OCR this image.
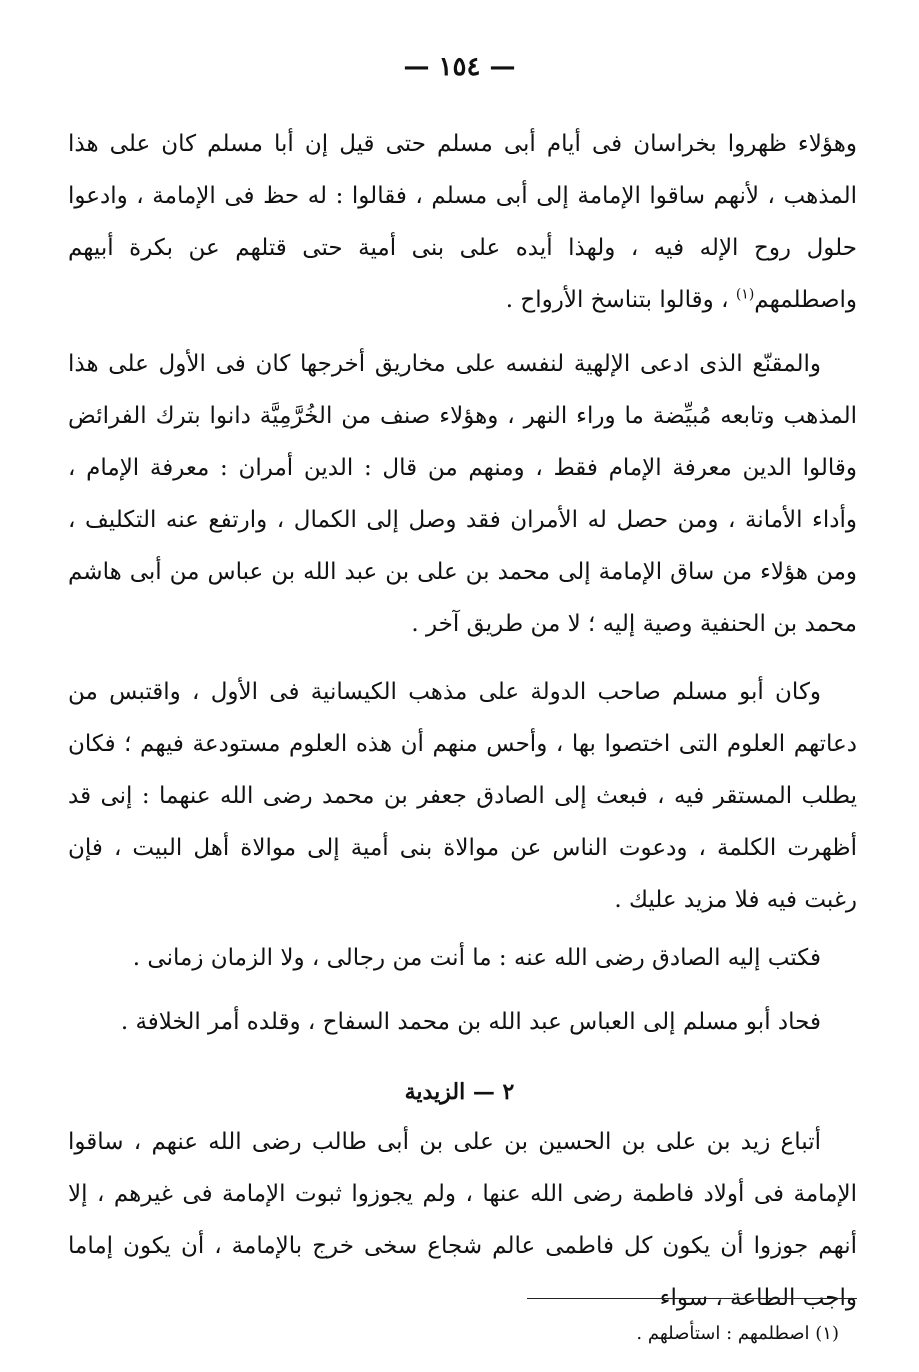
— ١٥٤ —

وهؤلاء ظهروا بخراسان فى أيام أبى مسلم حتى قيل إن أبا مسلم كان على هذا المذهب ، لأنهم ساقوا الإمامة إلى أبى مسلم ، فقالوا : له حظ فى الإمامة ، وادعوا حلول روح الإله فيه ، ولهذا أيده على بنى أمية حتى قتلهم عن بكرة أبيهم واصطلمهم$^{(١)}$ ، وقالوا بتناسخ الأرواح .

والمقنّع الذى ادعى الإلهية لنفسه على مخاريق أخرجها كان فى الأول على هذا المذهب وتابعه مُبيِّضة ما وراء النهر ، وهؤلاء صنف من الخُرَّمِيَّة دانوا بترك الفرائض وقالوا الدين معرفة الإمام فقط ، ومنهم من قال : الدين أمران : معرفة الإمام ، وأداء الأمانة ، ومن حصل له الأمران فقد وصل إلى الكمال ، وارتفع عنه التكليف ، ومن هؤلاء من ساق الإمامة إلى محمد بن على بن عبد الله بن عباس من أبى هاشم محمد بن الحنفية وصية إليه ؛ لا من طريق آخر .

وكان أبو مسلم صاحب الدولة على مذهب الكيسانية فى الأول ، واقتبس من دعاتهم العلوم التى اختصوا بها ، وأحس منهم أن هذه العلوم مستودعة فيهم ؛ فكان يطلب المستقر فيه ، فبعث إلى الصادق جعفر بن محمد رضى الله عنهما : إنى قد أظهرت الكلمة ، ودعوت الناس عن موالاة بنى أمية إلى موالاة أهل البيت ، فإن رغبت فيه فلا مزيد عليك .

فكتب إليه الصادق رضى الله عنه : ما أنت من رجالى ، ولا الزمان زمانى .

فحاد أبو مسلم إلى العباس عبد الله بن محمد السفاح ، وقلده أمر الخلافة .

٢ — الزيدية

أتباع زيد بن على بن الحسين بن على بن أبى طالب رضى الله عنهم ، ساقوا الإمامة فى أولاد فاطمة رضى الله عنها ، ولم يجوزوا ثبوت الإمامة فى غيرهم ، إلا أنهم جوزوا أن يكون كل فاطمى عالم شجاع سخى خرج بالإمامة ، أن يكون إماما واجب الطاعة ، سواء

(١) اصطلمهم : استأصلهم .
